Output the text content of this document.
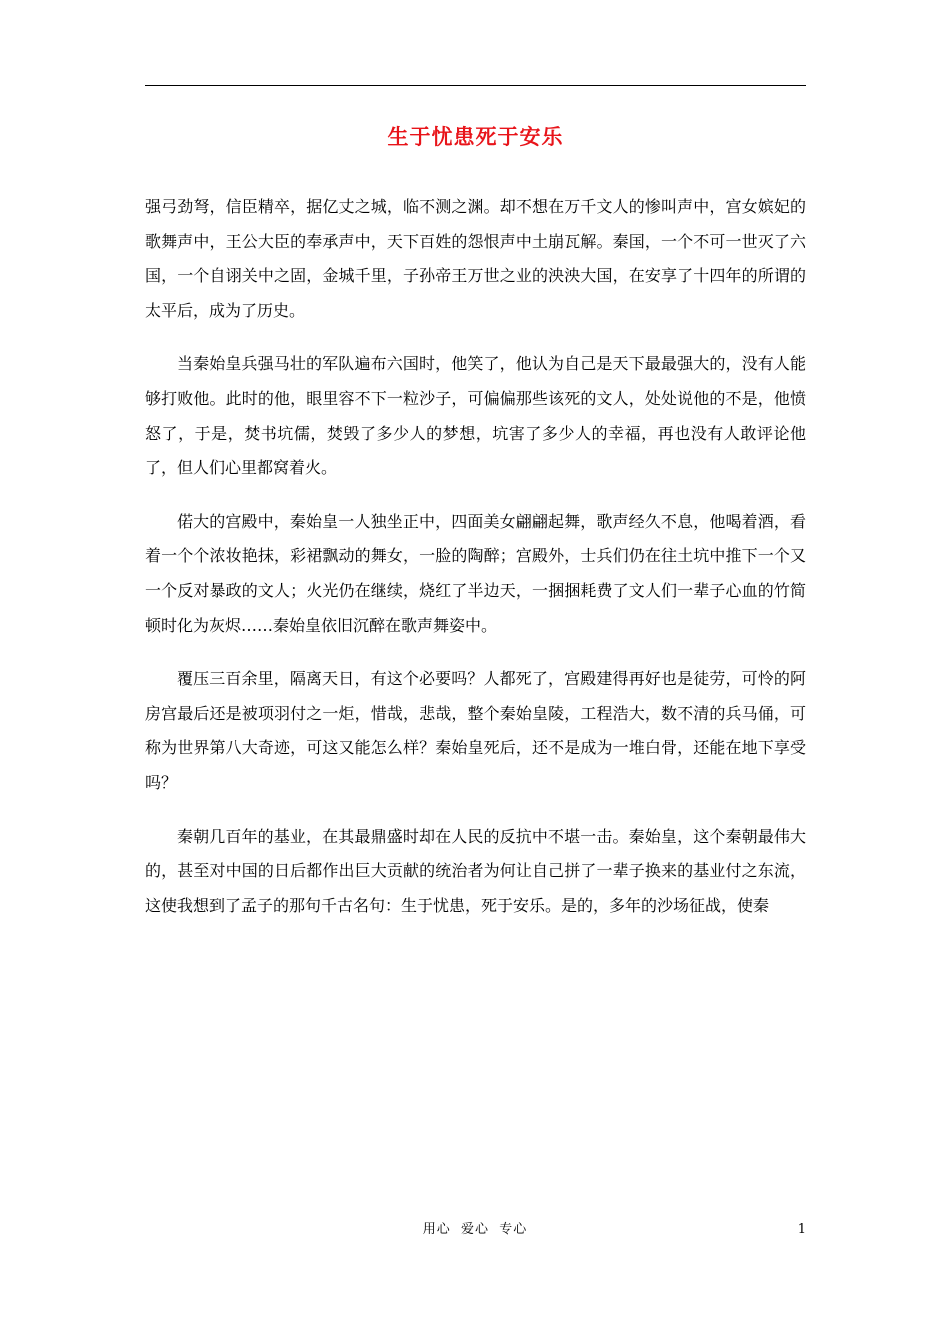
生于忧患死于安乐

强弓劲弩，信臣精卒，据亿丈之城，临不测之渊。却不想在万千文人的惨叫声中，宫女嫔妃的歌舞声中，王公大臣的奉承声中，天下百姓的怨恨声中土崩瓦解。秦国，一个不可一世灭了六国，一个自诩关中之固，金城千里，子孙帝王万世之业的泱泱大国，在安享了十四年的所谓的太平后，成为了历史。

当秦始皇兵强马壮的军队遍布六国时，他笑了，他认为自己是天下最最强大的，没有人能够打败他。此时的他，眼里容不下一粒沙子，可偏偏那些该死的文人，处处说他的不是，他愤怒了，于是，焚书坑儒，焚毁了多少人的梦想，坑害了多少人的幸福，再也没有人敢评论他了，但人们心里都窝着火。

偌大的宫殿中，秦始皇一人独坐正中，四面美女翩翩起舞，歌声经久不息，他喝着酒，看着一个个浓妆艳抹，彩裙飘动的舞女，一脸的陶醉；宫殿外，士兵们仍在往土坑中推下一个又一个反对暴政的文人；火光仍在继续，烧红了半边天，一捆捆耗费了文人们一辈子心血的竹简顿时化为灰烬……秦始皇依旧沉醉在歌声舞姿中。

覆压三百余里，隔离天日，有这个必要吗？人都死了，宫殿建得再好也是徒劳，可怜的阿房宫最后还是被项羽付之一炬，惜哉，悲哉，整个秦始皇陵，工程浩大，数不清的兵马俑，可称为世界第八大奇迹，可这又能怎么样？秦始皇死后，还不是成为一堆白骨，还能在地下享受吗？

秦朝几百年的基业，在其最鼎盛时却在人民的反抗中不堪一击。秦始皇，这个秦朝最伟大的，甚至对中国的日后都作出巨大贡献的统治者为何让自己拼了一辈子换来的基业付之东流，这使我想到了孟子的那句千古名句：生于忧患，死于安乐。是的，多年的沙场征战，使秦

用心  爱心  专心	1
